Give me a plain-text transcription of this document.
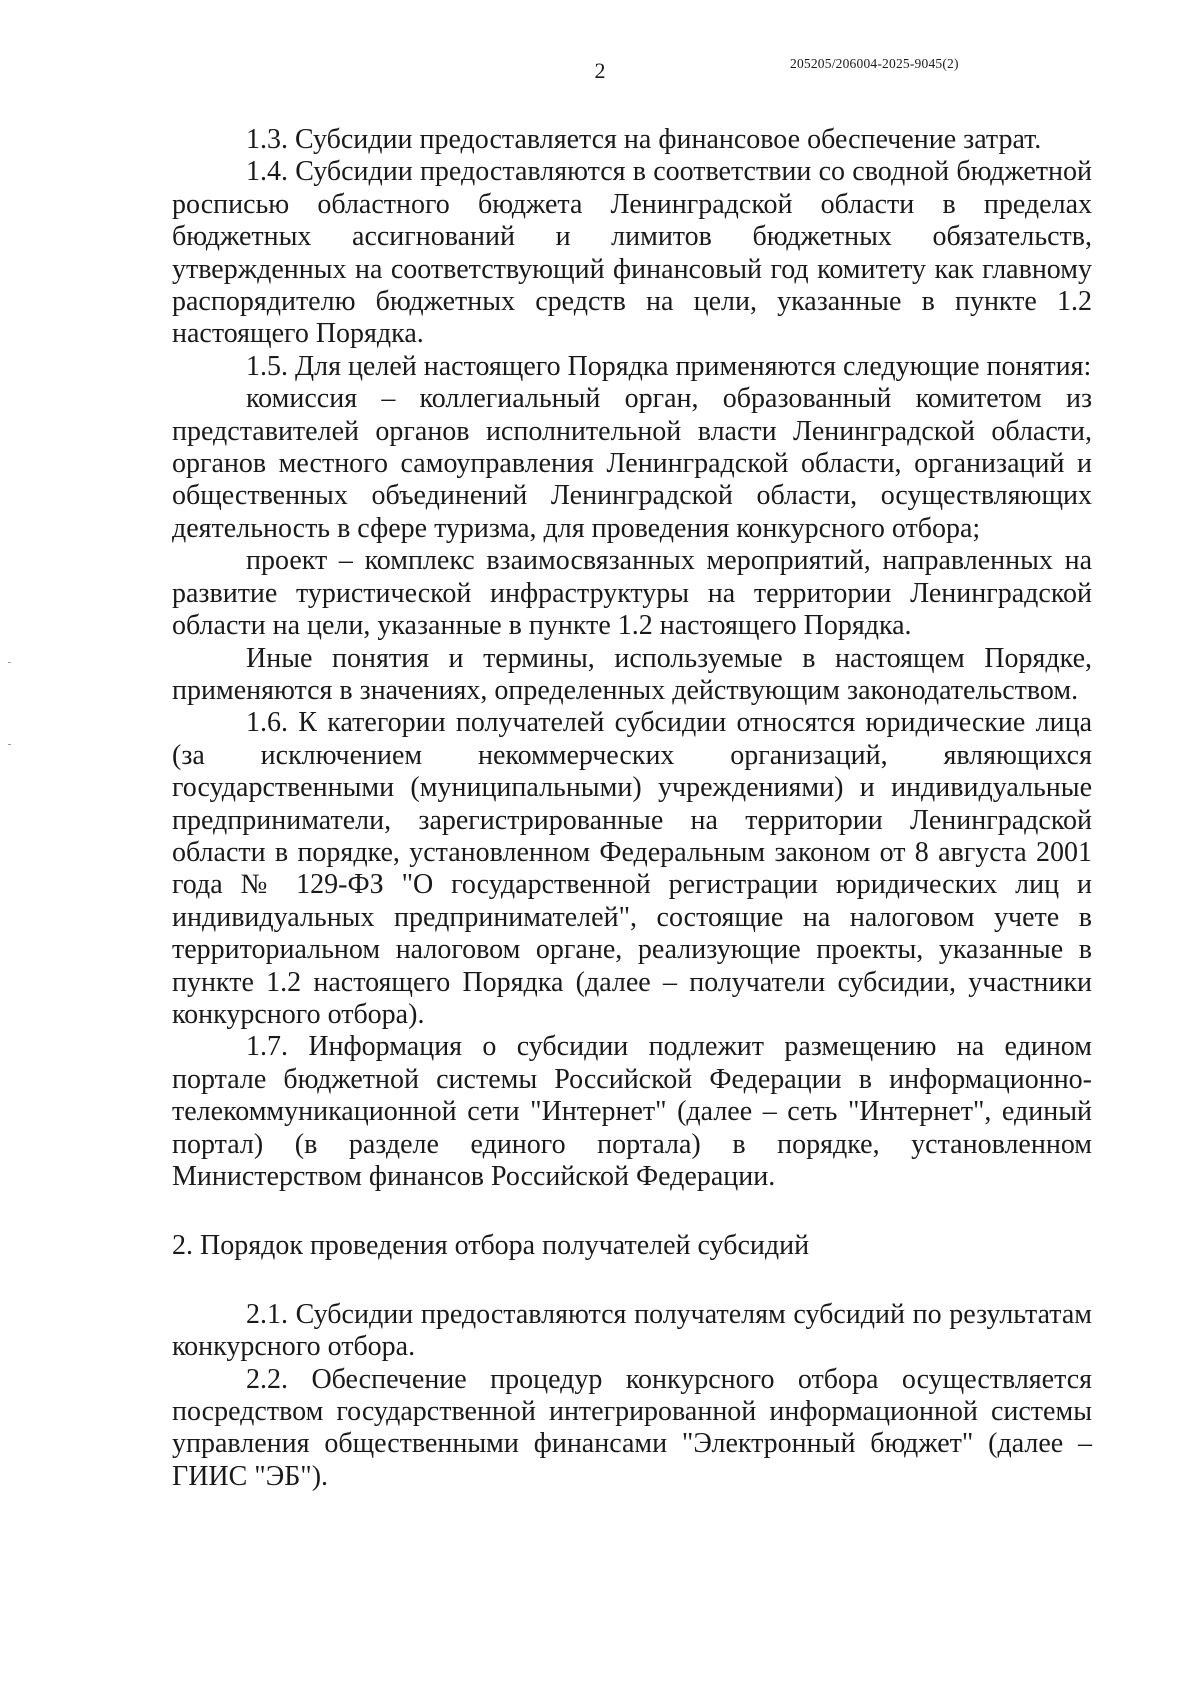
2	205205/206004-2025-9045(2)

1.3. Субсидии предоставляется на финансовое обеспечение затрат.

1.4. Субсидии предоставляются в соответствии со сводной бюджетной росписью областного бюджета Ленинградской области в пределах бюджетных ассигнований и лимитов бюджетных обязательств, утвержденных на соответствующий финансовый год комитету как главному распорядителю бюджетных средств на цели, указанные в пункте 1.2 настоящего Порядка.

1.5. Для целей настоящего Порядка применяются следующие понятия:

комиссия – коллегиальный орган, образованный комитетом из представителей органов исполнительной власти Ленинградской области, органов местного самоуправления Ленинградской области, организаций и общественных объединений Ленинградской области, осуществляющих деятельность в сфере туризма, для проведения конкурсного отбора;

проект – комплекс взаимосвязанных мероприятий, направленных на развитие туристической инфраструктуры на территории Ленинградской области на цели, указанные в пункте 1.2 настоящего Порядка.

Иные понятия и термины, используемые в настоящем Порядке, применяются в значениях, определенных действующим законодательством.

1.6. К категории получателей субсидии относятся юридические лица (за исключением некоммерческих организаций, являющихся государственными (муниципальными) учреждениями) и индивидуальные предприниматели, зарегистрированные на территории Ленинградской области в порядке, установленном Федеральным законом от 8 августа 2001 года № 129-ФЗ "О государственной регистрации юридических лиц и индивидуальных предпринимателей", состоящие на налоговом учете в территориальном налоговом органе, реализующие проекты, указанные в пункте 1.2 настоящего Порядка (далее – получатели субсидии, участники конкурсного отбора).

1.7. Информация о субсидии подлежит размещению на едином портале бюджетной системы Российской Федерации в информационно-телекоммуникационной сети "Интернет" (далее – сеть "Интернет", единый портал) (в разделе единого портала) в порядке, установленном Министерством финансов Российской Федерации.

2. Порядок проведения отбора получателей субсидий

2.1. Субсидии предоставляются получателям субсидий по результатам конкурсного отбора.

2.2. Обеспечение процедур конкурсного отбора осуществляется посредством государственной интегрированной информационной системы управления общественными финансами "Электронный бюджет" (далее – ГИИС "ЭБ").
